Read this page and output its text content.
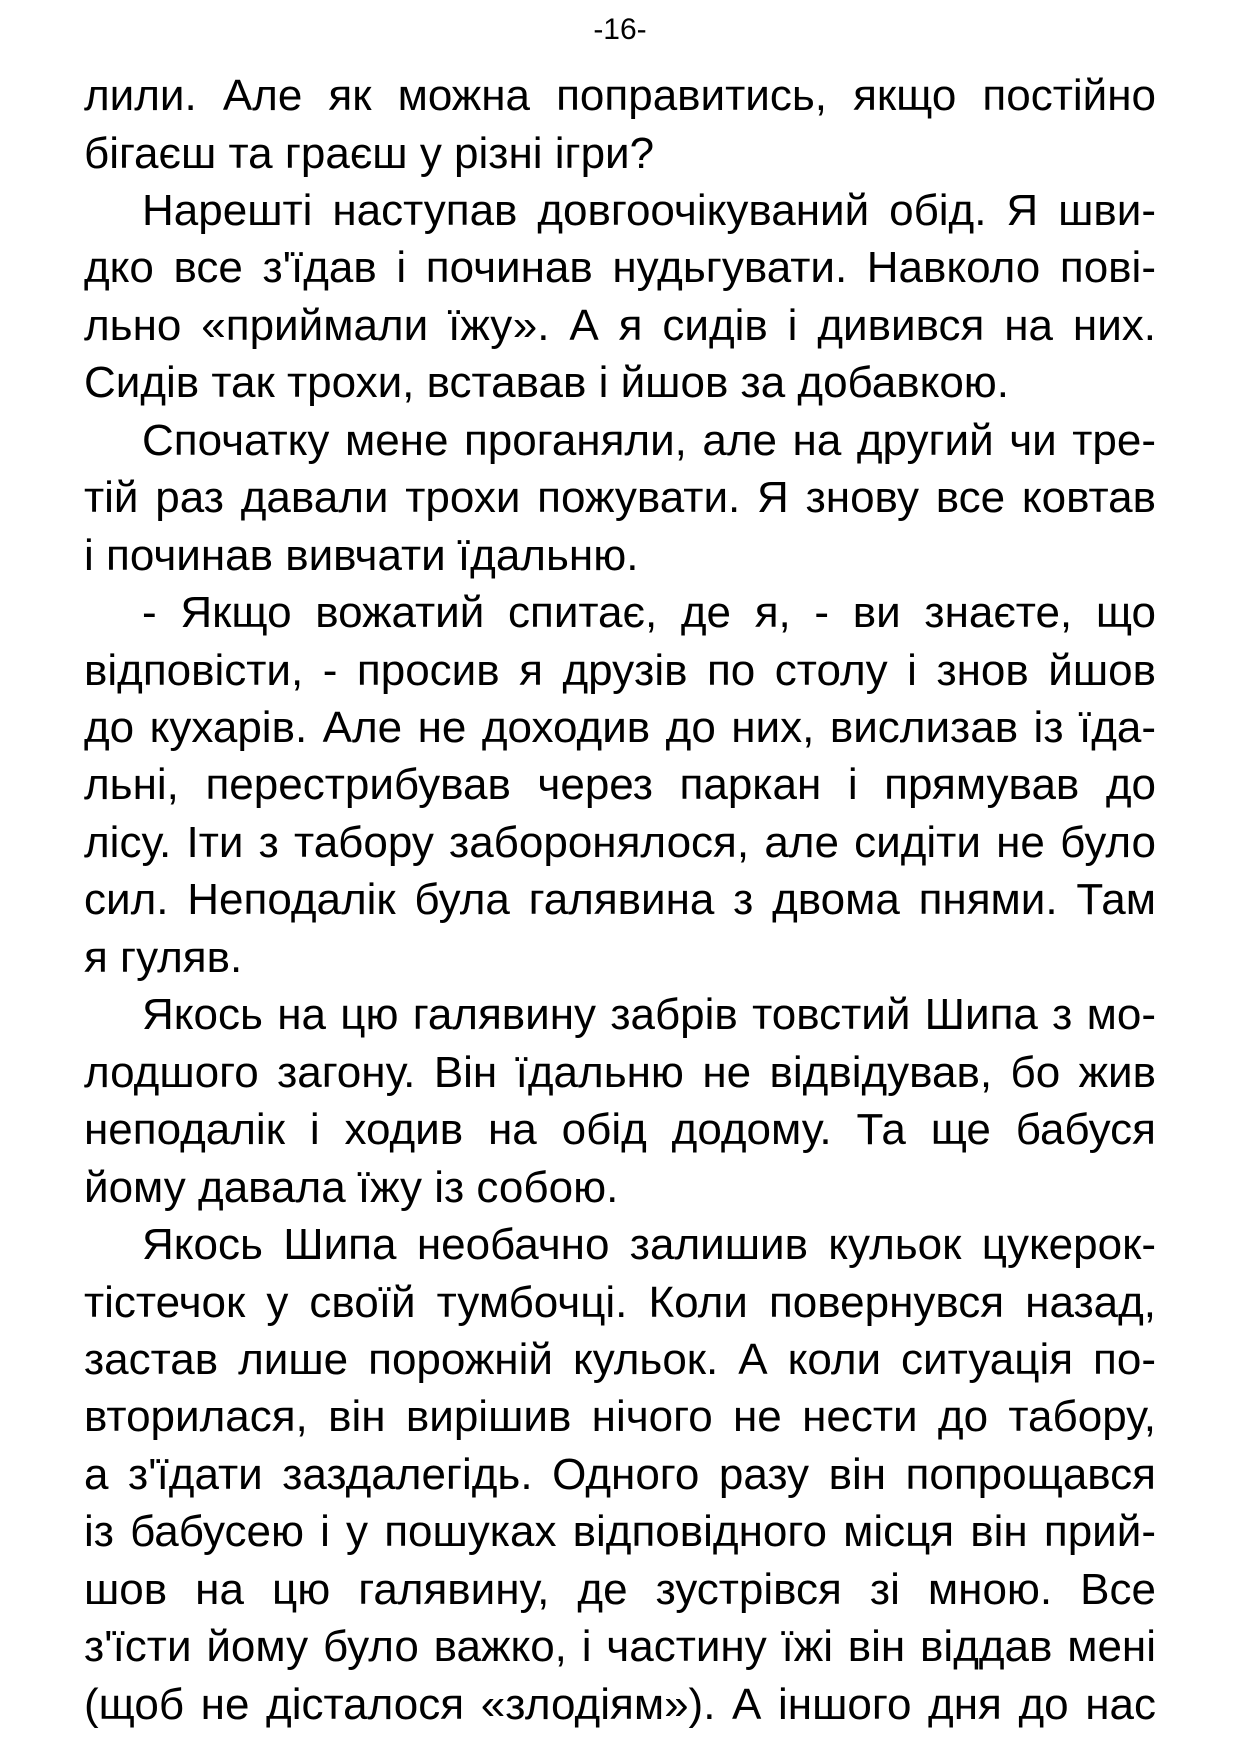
-16-
лили. Але як можна поправитись, якщо постійно
бігаєш та граєш у різні ігри?
Нарешті наступав довгоочікуваний обід. Я шви-
дко все з'їдав і починав нудьгувати. Навколо пові-
льно «приймали їжу». А я сидів і дивився на них.
Сидів так трохи, вставав і йшов за добавкою.
Спочатку мене проганяли, але на другий чи тре-
тій раз давали трохи пожувати. Я знову все ковтав
і починав вивчати їдальню.
- Якщо вожатий спитає, де я, - ви знаєте, що
відповісти, - просив я друзів по столу і знов йшов
до кухарів. Але не доходив до них, вислизав із їда-
льні, перестрибував через паркан і прямував до
лісу. Іти з табору заборонялося, але сидіти не було
сил. Неподалік була галявина з двома пнями. Там
я гуляв.
Якось на цю галявину забрів товстий Шипа з мо-
лодшого загону. Він їдальню не відвідував, бо жив
неподалік і ходив на обід додому. Та ще бабуся
йому давала їжу із собою.
Якось Шипа необачно залишив кульок цукерок-
тістечок у своїй тумбочці. Коли повернувся назад,
застав лише порожній кульок. А коли ситуація по-
вторилася, він вирішив нічого не нести до табору,
а з'їдати заздалегідь. Одного разу він попрощався
із бабусею і у пошуках відповідного місця він прий-
шов на цю галявину, де зустрівся зі мною. Все
з'їсти йому було важко, і частину їжі він віддав мені
(щоб не дісталося «злодіям»). А іншого дня до нас
